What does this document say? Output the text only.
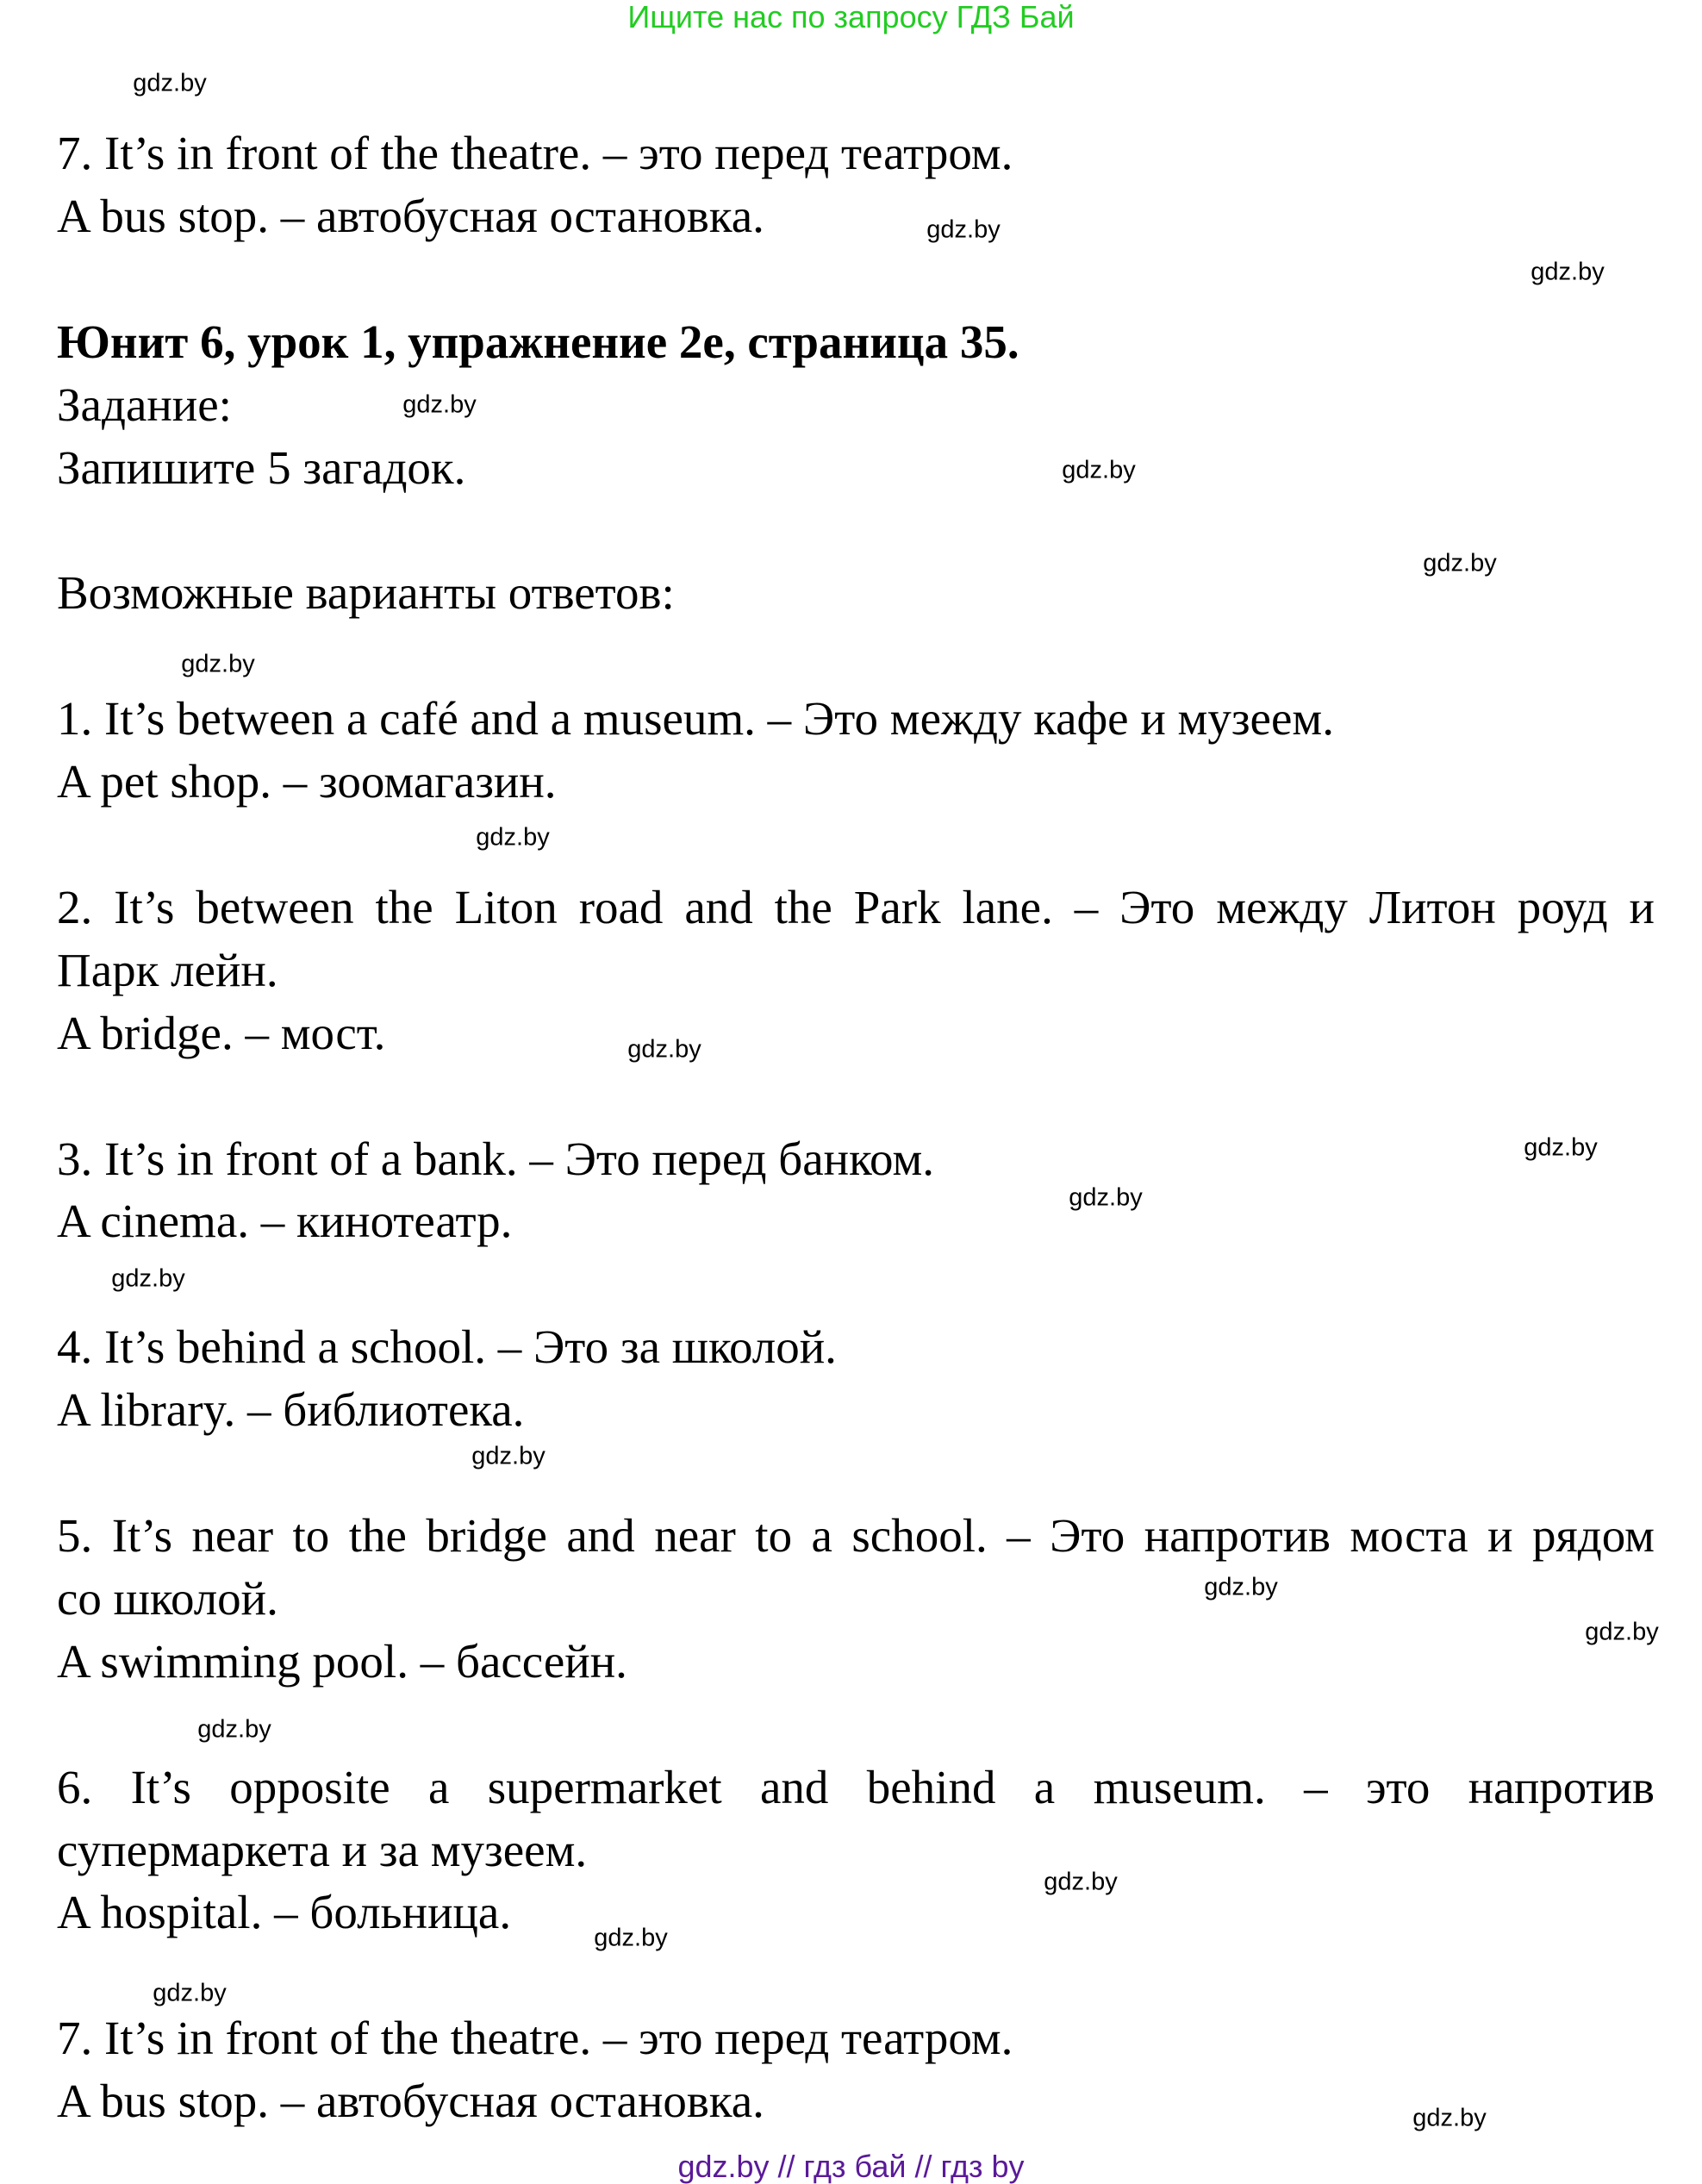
Ищите нас по запросу ГДЗ Бай
7. It’s in front of the theatre. – это перед театром.
A bus stop. – автобусная остановка.
Юнит 6, урок 1, упражнение 2е, страница 35.
Задание:
Запишите 5 загадок.
Возможные варианты ответов:
1. It’s between a café and a museum. – Это между кафе и музеем.
A pet shop. – зоомагазин.
2. It’s between the Liton road and the Park lane. – Это между Литон роуд и
Парк лейн.
A bridge. – мост.
3. It’s in front of a bank. – Это перед банком.
A cinema. – кинотеатр.
4. It’s behind a school. – Это за школой.
A library. – библиотека.
5. It’s near to the bridge and near to a school. – Это напротив моста и рядом
со школой.
A swimming pool. – бассейн.
6. It’s opposite a supermarket and behind a museum. – это напротив
супермаркета и за музеем.
A hospital. – больница.
7. It’s in front of the theatre. – это перед театром.
A bus stop. – автобусная остановка.
gdz.by
gdz.by
gdz.by
gdz.by
gdz.by
gdz.by
gdz.by
gdz.by
gdz.by
gdz.by
gdz.by
gdz.by
gdz.by
gdz.by
gdz.by
gdz.by
gdz.by
gdz.by
gdz.by
gdz.by
gdz.by // гдз бай // гдз by
